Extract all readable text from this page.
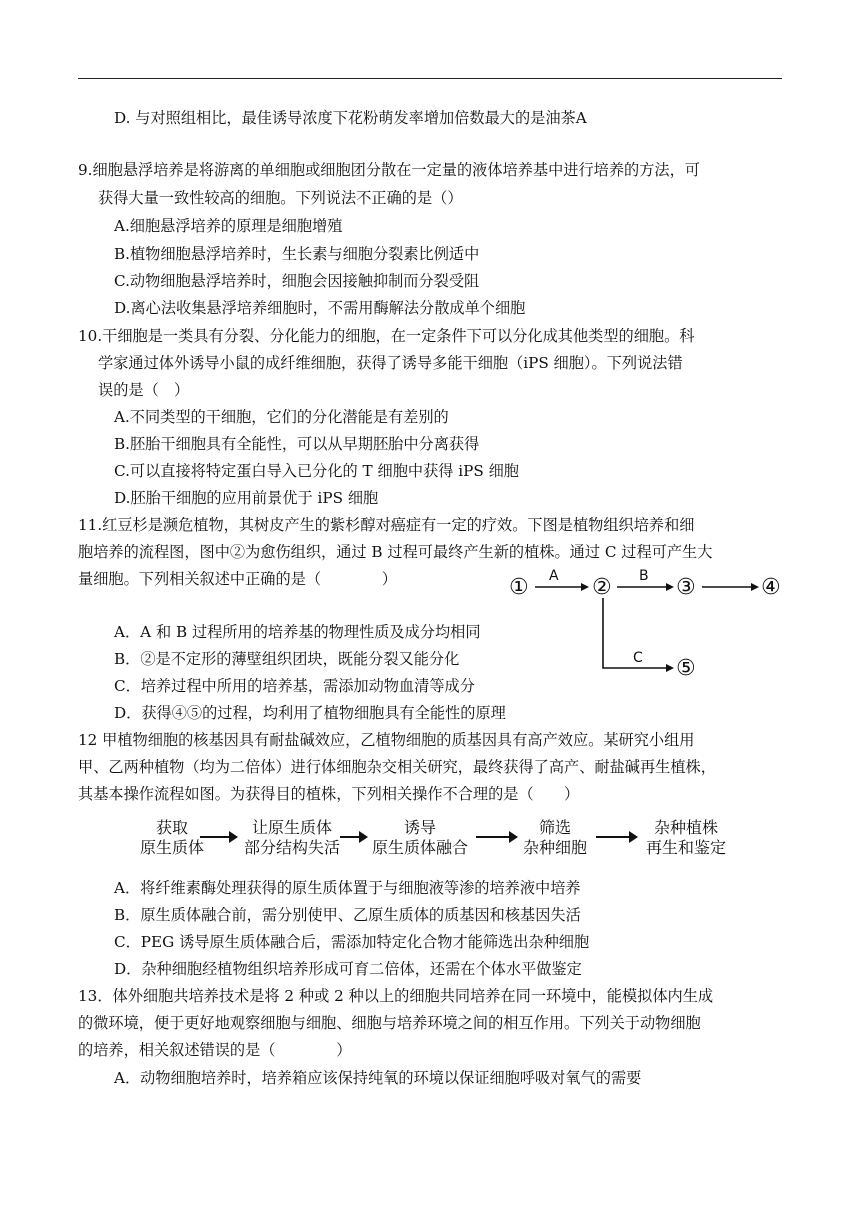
D. 与对照组相比，最佳诱导浓度下花粉萌发率增加倍数最大的是油茶A
9.细胞悬浮培养是将游离的单细胞或细胞团分散在一定量的液体培养基中进行培养的方法，可
获得大量一致性较高的细胞。下列说法不正确的是（）
A.细胞悬浮培养的原理是细胞增殖
B.植物细胞悬浮培养时，生长素与细胞分裂素比例适中
C.动物细胞悬浮培养时，细胞会因接触抑制而分裂受阻
D.离心法收集悬浮培养细胞时，不需用酶解法分散成单个细胞
10.干细胞是一类具有分裂、分化能力的细胞，在一定条件下可以分化成其他类型的细胞。科
学家通过体外诱导小鼠的成纤维细胞，获得了诱导多能干细胞（iPS 细胞）。下列说法错
误的是（　）
A.不同类型的干细胞，它们的分化潜能是有差别的
B.胚胎干细胞具有全能性，可以从早期胚胎中分离获得
C.可以直接将特定蛋白导入已分化的 T 细胞中获得 iPS 细胞
D.胚胎干细胞的应用前景优于 iPS 细胞
11.红豆杉是濒危植物，其树皮产生的紫杉醇对癌症有一定的疗效。下图是植物组织培养和细
胞培养的流程图，图中②为愈伤组织，通过 B 过程可最终产生新的植株。通过 C 过程可产生大
量细胞。下列相关叙述中正确的是（　　　　）	①	②	③	④
⑤
A	B
C
A．A 和 B 过程所用的培养基的物理性质及成分均相同
B．②是不定形的薄壁组织团块，既能分裂又能分化
C．培养过程中所用的培养基，需添加动物血清等成分
D．获得④⑤的过程，均利用了植物细胞具有全能性的原理
12 甲植物细胞的核基因具有耐盐碱效应，乙植物细胞的质基因具有高产效应。某研究小组用
甲、乙两种植物（均为二倍体）进行体细胞杂交相关研究，最终获得了高产、耐盐碱再生植株，
其基本操作流程如图。为获得目的植株，下列相关操作不合理的是（　　）
获取
原生质体
让原生质体
部分结构失活
诱导
原生质体融合
筛选
杂种细胞
杂种植株
再生和鉴定
A．将纤维素酶处理获得的原生质体置于与细胞液等渗的培养液中培养
B．原生质体融合前，需分别使甲、乙原生质体的质基因和核基因失活
C．PEG 诱导原生质体融合后，需添加特定化合物才能筛选出杂种细胞
D．杂种细胞经植物组织培养形成可育二倍体，还需在个体水平做鉴定
13．体外细胞共培养技术是将 2 种或 2 种以上的细胞共同培养在同一环境中，能模拟体内生成
的微环境，便于更好地观察细胞与细胞、细胞与培养环境之间的相互作用。下列关于动物细胞
的培养，相关叙述错误的是（　　　　）
A．动物细胞培养时，培养箱应该保持纯氧的环境以保证细胞呼吸对氧气的需要
